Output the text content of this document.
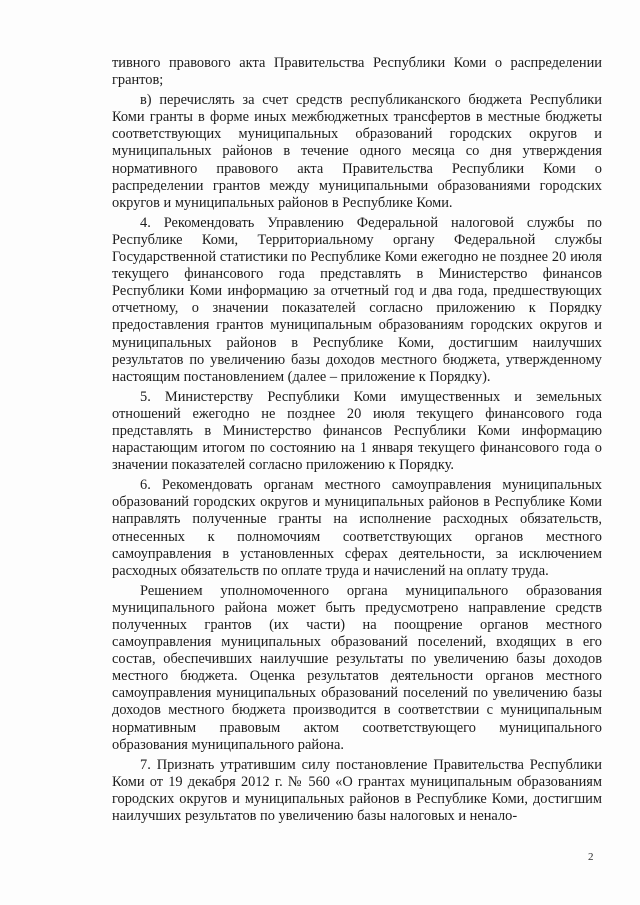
тивного правового акта Правительства Республики Коми о распределении грантов;

в) перечислять за счет средств республиканского бюджета Республики Коми гранты в форме иных межбюджетных трансфертов в местные бюджеты соответствующих муниципальных образований городских округов и муниципальных районов в течение одного месяца со дня утверждения нормативного правового акта Правительства Республики Коми о распределении грантов между муниципальными образованиями городских округов и муниципальных районов в Республике Коми.

4. Рекомендовать Управлению Федеральной налоговой службы по Республике Коми, Территориальному органу Федеральной службы Государственной статистики по Республике Коми ежегодно не позднее 20 июля текущего финансового года представлять в Министерство финансов Республики Коми информацию за отчетный год и два года, предшествующих отчетному, о значении показателей согласно приложению к Порядку предоставления грантов муниципальным образованиям городских округов и муниципальных районов в Республике Коми, достигшим наилучших результатов по увеличению базы доходов местного бюджета, утвержденному настоящим постановлением (далее – приложение к Порядку).

5. Министерству Республики Коми имущественных и земельных отношений ежегодно не позднее 20 июля текущего финансового года представлять в Министерство финансов Республики Коми информацию нарастающим итогом по состоянию на 1 января текущего финансового года о значении показателей согласно приложению к Порядку.

6. Рекомендовать органам местного самоуправления муниципальных образований городских округов и муниципальных районов в Республике Коми направлять полученные гранты на исполнение расходных обязательств, отнесенных к полномочиям соответствующих органов местного самоуправления в установленных сферах деятельности, за исключением расходных обязательств по оплате труда и начислений на оплату труда.

Решением уполномоченного органа муниципального образования муниципального района может быть предусмотрено направление средств полученных грантов (их части) на поощрение органов местного самоуправления муниципальных образований поселений, входящих в его состав, обеспечивших наилучшие результаты по увеличению базы доходов местного бюджета. Оценка результатов деятельности органов местного самоуправления муниципальных образований поселений по увеличению базы доходов местного бюджета производится в соответствии с муниципальным нормативным правовым актом соответствующего муниципального образования муниципального района.

7. Признать утратившим силу постановление Правительства Республики Коми от 19 декабря 2012 г. № 560 «О грантах муниципальным образованиям городских округов и муниципальных районов в Республике Коми, достигшим наилучших результатов по увеличению базы налоговых и ненало-

2
